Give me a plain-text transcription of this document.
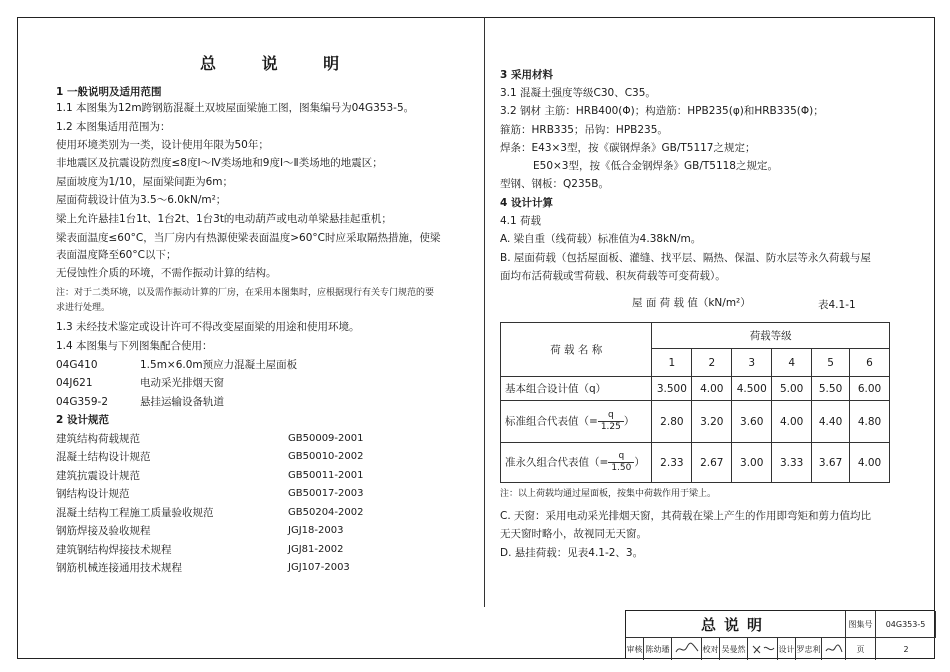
总 说 明
1 一般说明及适用范围
1.1 本图集为12m跨钢筋混凝土双坡屋面梁施工图，图集编号为04G353-5。
1.2 本图集适用范围为：
使用环境类别为一类，设计使用年限为50年；
非地震区及抗震设防烈度≤8度Ⅰ～Ⅳ类场地和9度Ⅰ～Ⅱ类场地的地震区；
屋面坡度为1/10，屋面梁间距为6m；
屋面荷载设计值为3.5～6.0kN/m²；
梁上允许悬挂1台1t、1台2t、1台3t的电动葫芦或电动单梁悬挂起重机；
梁表面温度≤60°C，当厂房内有热源使梁表面温度>60°C时应采取隔热措施，使梁
表面温度降至60°C以下；
无侵蚀性介质的环境，不需作振动计算的结构。
注：对于二类环境，以及需作振动计算的厂房，在采用本图集时，应根据现行有关专门规范的要
求进行处理。
1.3 未经技术鉴定或设计许可不得改变屋面梁的用途和使用环境。
1.4 本图集与下列图集配合使用：
04G410	1.5m×6.0m预应力混凝土屋面板
04J621	电动采光排烟天窗
04G359-2	悬挂运输设备轨道
2 设计规范
建筑结构荷载规范	GB50009-2001
混凝土结构设计规范	GB50010-2002
建筑抗震设计规范	GB50011-2001
钢结构设计规范	GB50017-2003
混凝土结构工程施工质量验收规范	GB50204-2002
钢筋焊接及验收规程	JGJ18-2003
建筑钢结构焊接技术规程	JGJ81-2002
钢筋机械连接通用技术规程	JGJ107-2003
3 采用材料
3.1 混凝土强度等级C30、C35。
3.2 钢材 主筋：HRB400(Φ)；构造筋：HPB235(φ)和HRB335(Φ)；
箍筋：HRB335；吊钩：HPB235。
焊条：E43×3型，按《碳钢焊条》GB/T5117之规定；
E50×3型，按《低合金钢焊条》GB/T5118之规定。
型钢、钢板：Q235B。
4 设计计算
4.1 荷载
A. 梁自重（线荷载）标准值为4.38kN/m。
B. 屋面荷载（包括屋面板、灌缝、找平层、隔热、保温、防水层等永久荷载与屋
面均布活荷载或雪荷载、积灰荷载等可变荷载）。
屋 面 荷 载 值（kN/m²）	表4.1-1
荷 载 名 称	荷载等级					
	1	2	3	4	5	6
基本组合设计值（q）	3.500	4.00	4.500	5.00	5.50	6.00
标准组合代表值（= $\frac{q}{1.25}$ ）	2.80	3.20	3.60	4.00	4.40	4.80
准永久组合代表值（= $\frac{q}{1.50}$ ）	2.33	2.67	3.00	3.33	3.67	4.00
注：以上荷载均通过屋面板，按集中荷载作用于梁上。
C. 天窗：采用电动采光排烟天窗，其荷载在梁上产生的作用即弯矩和剪力值均比
无天窗时略小，故视同无天窗。
D. 悬挂荷载：见表4.1-2、3。
总说明	图集号	04G353-5
审核 陈幼璠	校对 吴曼然	设计 罗忠利	页	2
